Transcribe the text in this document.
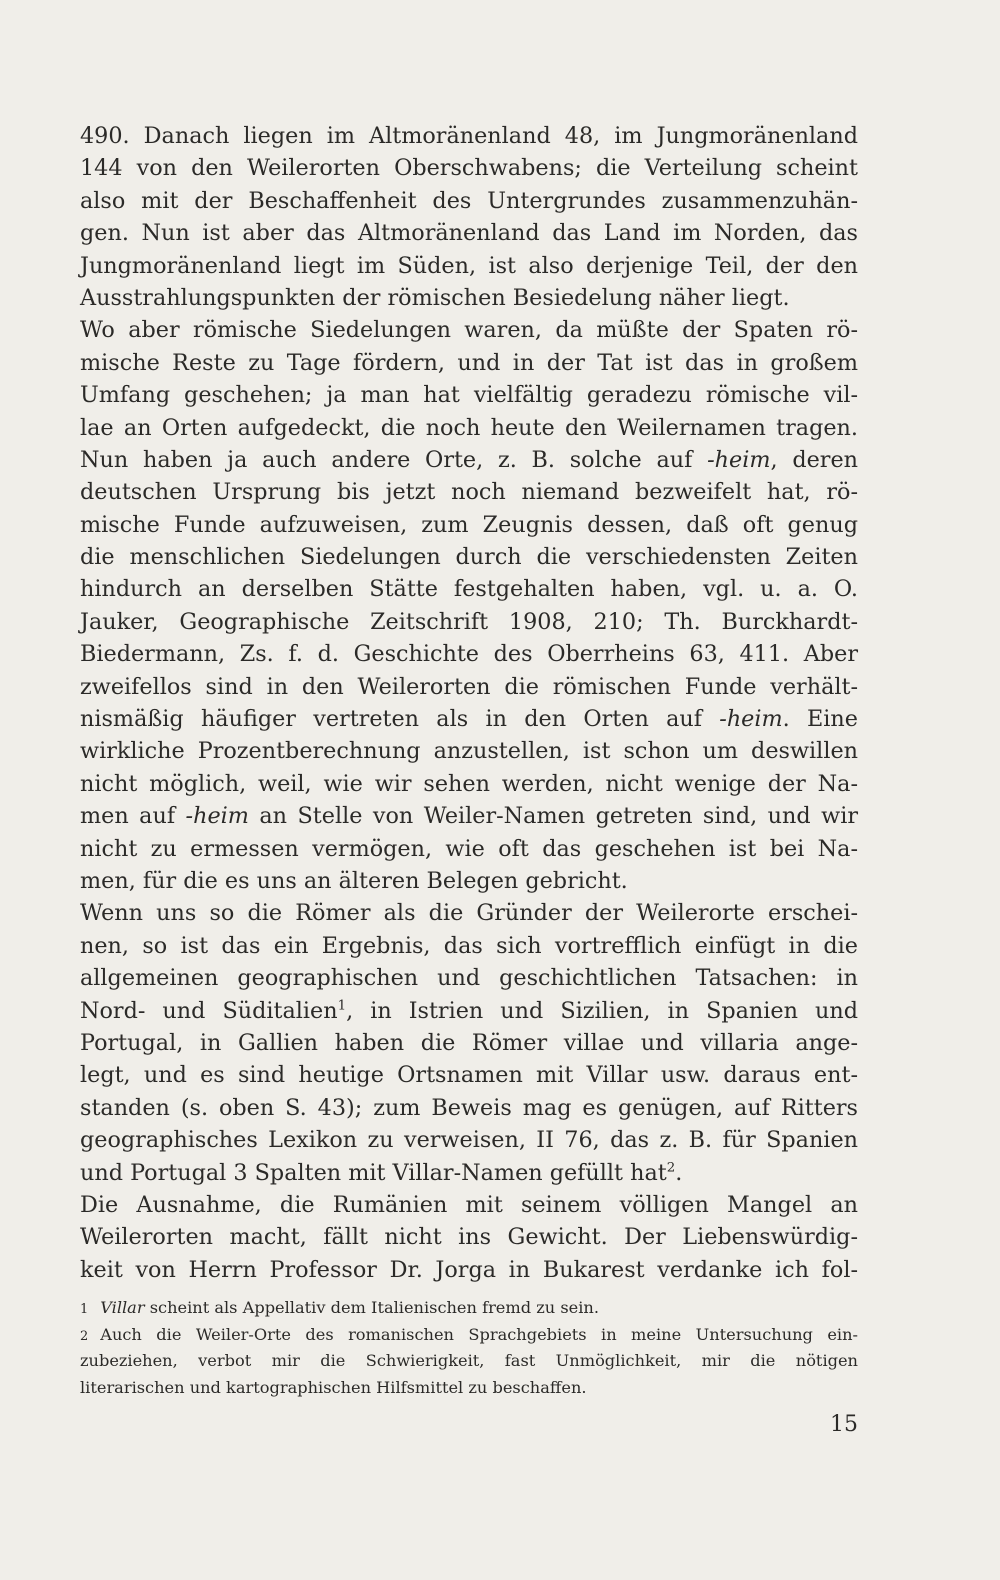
490. Danach liegen im Altmoränenland 48, im Jungmoränenland
144 von den Weilerorten Oberschwabens; die Verteilung scheint
also mit der Beschaffenheit des Untergrundes zusammenzuhän-
gen. Nun ist aber das Altmoränenland das Land im Norden, das
Jungmoränenland liegt im Süden, ist also derjenige Teil, der den
Ausstrahlungspunkten der römischen Besiedelung näher liegt.
Wo aber römische Siedelungen waren, da müßte der Spaten rö-
mische Reste zu Tage fördern, und in der Tat ist das in großem
Umfang geschehen; ja man hat vielfältig geradezu römische vil-
lae an Orten aufgedeckt, die noch heute den Weilernamen tragen.
Nun haben ja auch andere Orte, z. B. solche auf -heim, deren
deutschen Ursprung bis jetzt noch niemand bezweifelt hat, rö-
mische Funde aufzuweisen, zum Zeugnis dessen, daß oft genug
die menschlichen Siedelungen durch die verschiedensten Zeiten
hindurch an derselben Stätte festgehalten haben, vgl. u. a. O.
Jauker, Geographische Zeitschrift 1908, 210; Th. Burckhardt-
Biedermann, Zs. f. d. Geschichte des Oberrheins 63, 411. Aber
zweifellos sind in den Weilerorten die römischen Funde verhält-
nismäßig häufiger vertreten als in den Orten auf -heim. Eine
wirkliche Prozentberechnung anzustellen, ist schon um deswillen
nicht möglich, weil, wie wir sehen werden, nicht wenige der Na-
men auf -heim an Stelle von Weiler-Namen getreten sind, und wir
nicht zu ermessen vermögen, wie oft das geschehen ist bei Na-
men, für die es uns an älteren Belegen gebricht.
Wenn uns so die Römer als die Gründer der Weilerorte erschei-
nen, so ist das ein Ergebnis, das sich vortrefflich einfügt in die
allgemeinen geographischen und geschichtlichen Tatsachen: in
Nord- und Süditalien$^1$, in Istrien und Sizilien, in Spanien und
Portugal, in Gallien haben die Römer villae und villaria ange-
legt, und es sind heutige Ortsnamen mit Villar usw. daraus ent-
standen (s. oben S. 43); zum Beweis mag es genügen, auf Ritters
geographisches Lexikon zu verweisen, II 76, das z. B. für Spanien
und Portugal 3 Spalten mit Villar-Namen gefüllt hat$^2$.
Die Ausnahme, die Rumänien mit seinem völligen Mangel an
Weilerorten macht, fällt nicht ins Gewicht. Der Liebenswürdig-
keit von Herrn Professor Dr. Jorga in Bukarest verdanke ich fol-
1 Villar scheint als Appellativ dem Italienischen fremd zu sein.
2 Auch die Weiler-Orte des romanischen Sprachgebiets in meine Untersuchung ein-
zubeziehen, verbot mir die Schwierigkeit, fast Unmöglichkeit, mir die nötigen
literarischen und kartographischen Hilfsmittel zu beschaffen.
15
